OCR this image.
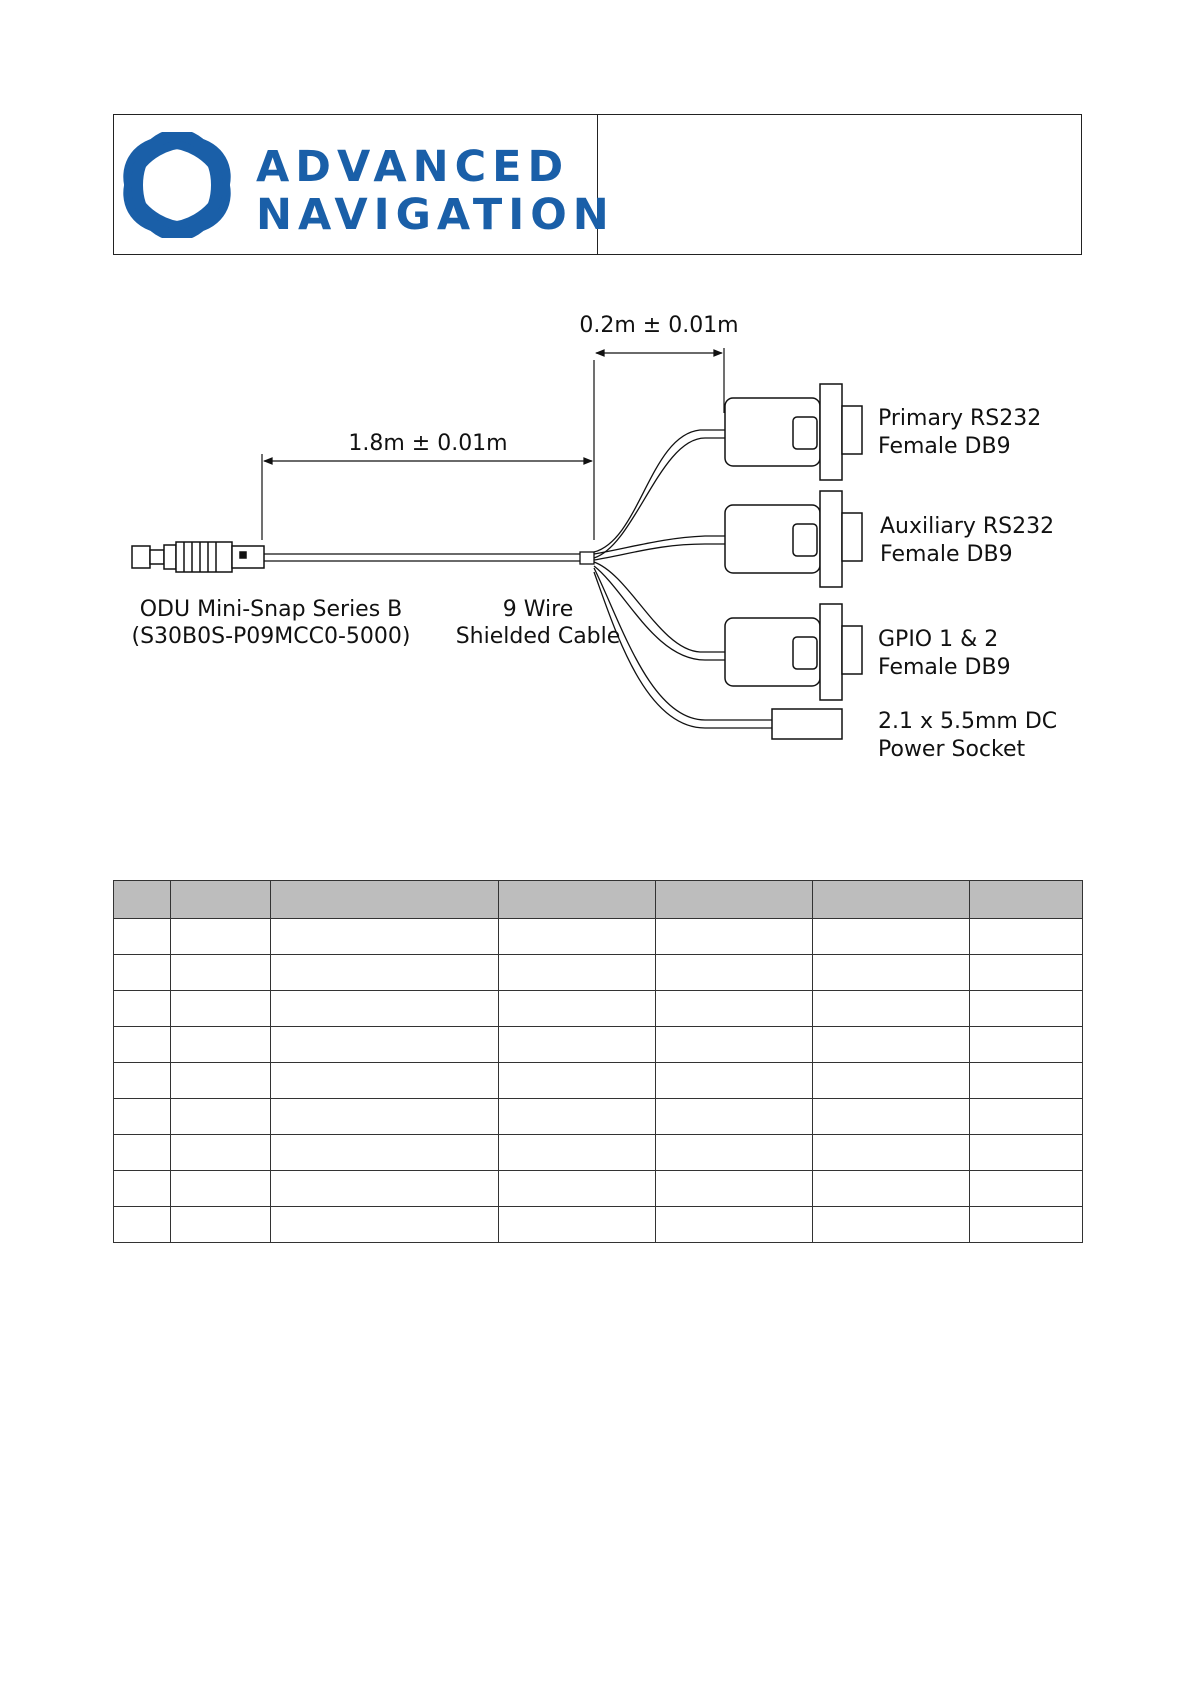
ADVANCED
NAVIGATION
1.8m ± 0.01m
0.2m ± 0.01m
ODU Mini-Snap Series B
(S30B0S-P09MCC0-5000)
9 Wire
Shielded Cable
Primary RS232
Female DB9
Auxiliary RS232
Female DB9
GPIO 1 & 2
Female DB9
2.1 x 5.5mm DC
Power Socket
